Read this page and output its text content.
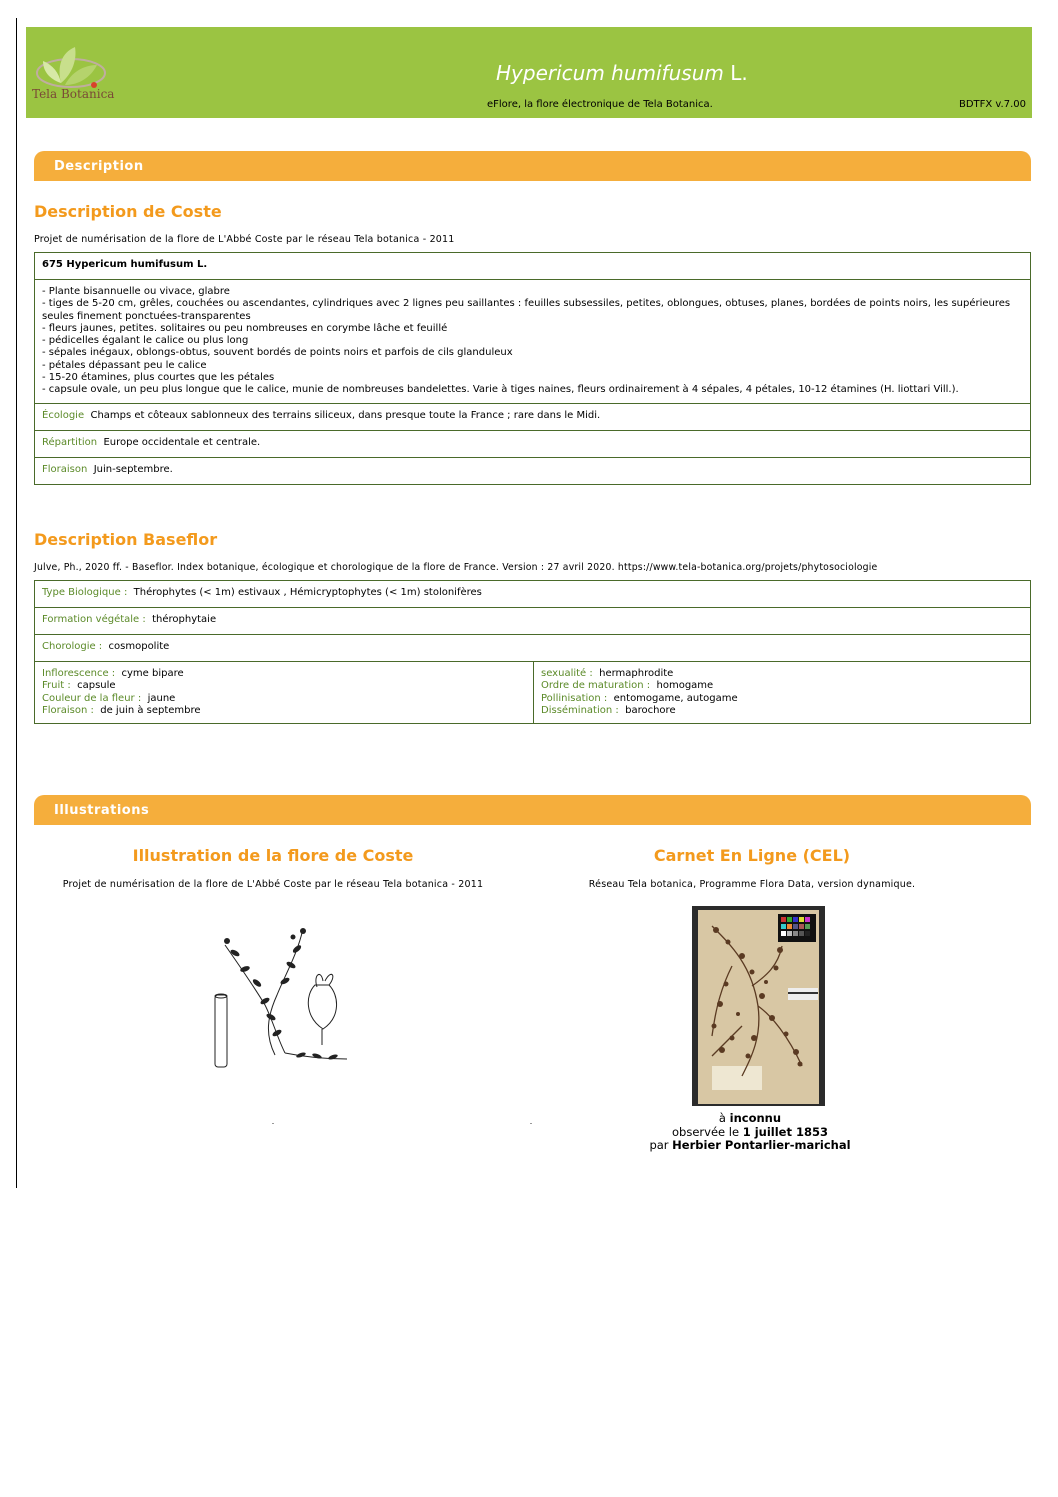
Tela Botanica
Hypericum humifusum L.
eFlore, la flore électronique de Tela Botanica.	BDTFX v.7.00
Description
Description de Coste
Projet de numérisation de la flore de L'Abbé Coste par le réseau Tela botanica - 2011
675 Hypericum humifusum L.

- Plante bisannuelle ou vivace, glabre
- tiges de 5-20 cm, grêles, couchées ou ascendantes, cylindriques avec 2 lignes peu saillantes : feuilles subsessiles, petites, oblongues, obtuses, planes, bordées de points noirs, les supérieures seules finement ponctuées-transparentes
- fleurs jaunes, petites. solitaires ou peu nombreuses en corymbe lâche et feuillé
- pédicelles égalant le calice ou plus long
- sépales inégaux, oblongs-obtus, souvent bordés de points noirs et parfois de cils glanduleux
- pétales dépassant peu le calice
- 15-20 étamines, plus courtes que les pétales
- capsule ovale, un peu plus longue que le calice, munie de nombreuses bandelettes. Varie à tiges naines, fleurs ordinairement à 4 sépales, 4 pétales, 10-12 étamines (H. liottari Vill.).

Écologie Champs et côteaux sablonneux des terrains siliceux, dans presque toute la France ; rare dans le Midi.
Répartition Europe occidentale et centrale.
Floraison Juin-septembre.
Description Baseflor
Julve, Ph., 2020 ff. - Baseflor. Index botanique, écologique et chorologique de la flore de France. Version : 27 avril 2020. https://www.tela-botanica.org/projets/phytosociologie
Type Biologique : Thérophytes (< 1m) estivaux , Hémicryptophytes (< 1m) stolonifères
Formation végétale : thérophytaie
Chorologie : cosmopolite

Inflorescence : cyme bipare
Fruit : capsule
Couleur de la fleur : jaune
Floraison : de juin à septembre

sexualité : hermaphrodite
Ordre de maturation : homogame
Pollinisation : entomogame, autogame
Dissémination : barochore
Illustrations
Illustration de la flore de Coste
Projet de numérisation de la flore de L'Abbé Coste par le réseau Tela botanica - 2011
Carnet En Ligne (CEL)
Réseau Tela botanica, Programme Flora Data, version dynamique.
à inconnu
observée le 1 juillet 1853
par Herbier Pontarlier-marichal
